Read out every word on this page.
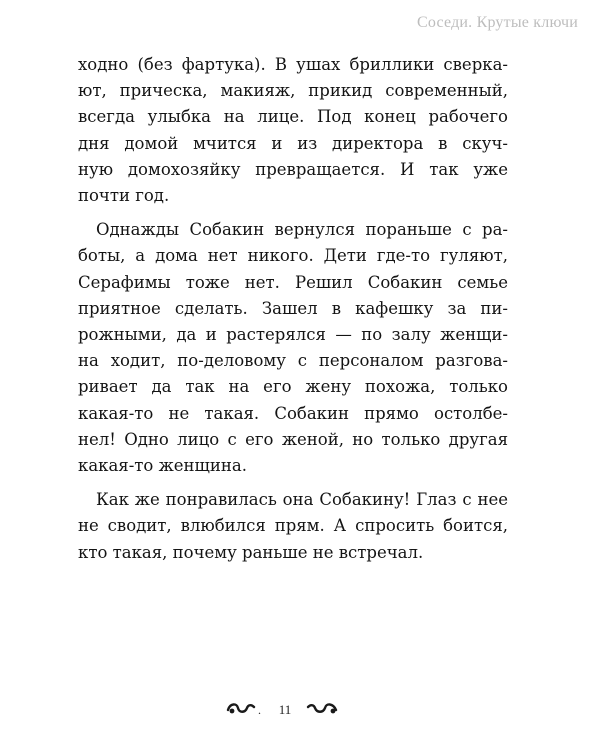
Соседи. Крутые ключи

ходно (без фартука). В ушах бриллики сверка-
ют, прическа, макияж, прикид современный,
всегда улыбка на лице. Под конец рабочего
дня домой мчится и из директора в скуч-
ную домохозяйку превращается. И так уже
почти год.

Однажды Собакин вернулся пораньше с ра-
боты, а дома нет никого. Дети где-то гуляют,
Серафимы тоже нет. Решил Собакин семье
приятное сделать. Зашел в кафешку за пи-
рожными, да и растерялся — по залу женщи-
на ходит, по-деловому с персоналом разгова-
ривает да так на его жену похожа, только
какая-то не такая. Собакин прямо остолбе-
нел! Одно лицо с его женой, но только другая
какая-то женщина.

Как же понравилась она Собакину! Глаз с нее
не сводит, влюбился прям. А спросить боится,
кто такая, почему раньше не встречал.

.	11
